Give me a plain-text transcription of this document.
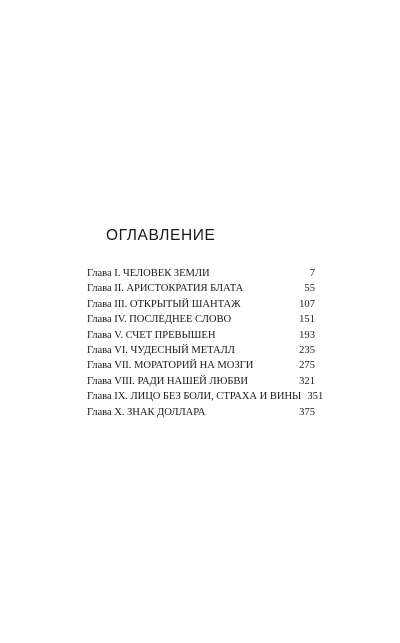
ОГЛАВЛЕНИЕ
Глава I. ЧЕЛОВЕК ЗЕМЛИ	7
Глава II. АРИСТОКРАТИЯ БЛАТА	55
Глава III. ОТКРЫТЫЙ ШАНТАЖ	107
Глава IV. ПОСЛЕДНЕЕ СЛОВО	151
Глава V. СЧЕТ ПРЕВЫШЕН	193
Глава VI. ЧУДЕСНЫЙ МЕТАЛЛ	235
Глава VII. МОРАТОРИЙ НА МОЗГИ	275
Глава VIII. РАДИ НАШЕЙ ЛЮБВИ	321
Глава IX. ЛИЦО БЕЗ БОЛИ, СТРАХА И ВИНЫ 351
Глава X. ЗНАК ДОЛЛАРА	375
